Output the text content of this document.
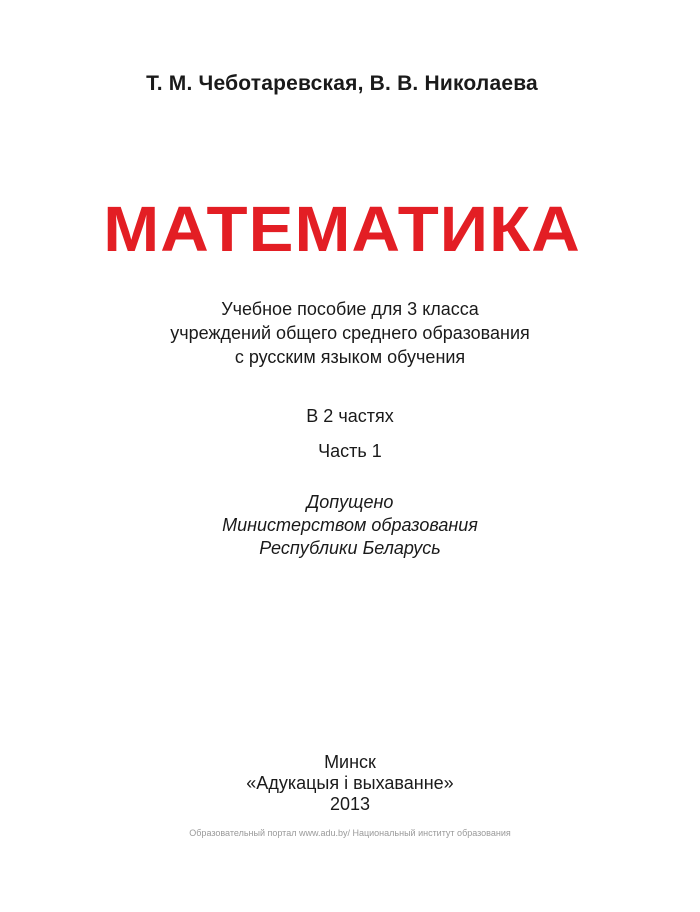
Т. М. Чеботаревская, В. В. Николаева
МАТЕМАТИКА
Учебное пособие для 3 класса
учреждений общего среднего образования
с русским языком обучения
В 2 частях
Часть 1
Допущено
Министерством образования
Республики Беларусь
Минск
«Адукацыя і выхаванне»
2013
Образовательный портал www.adu.by/ Национальный институт образования
